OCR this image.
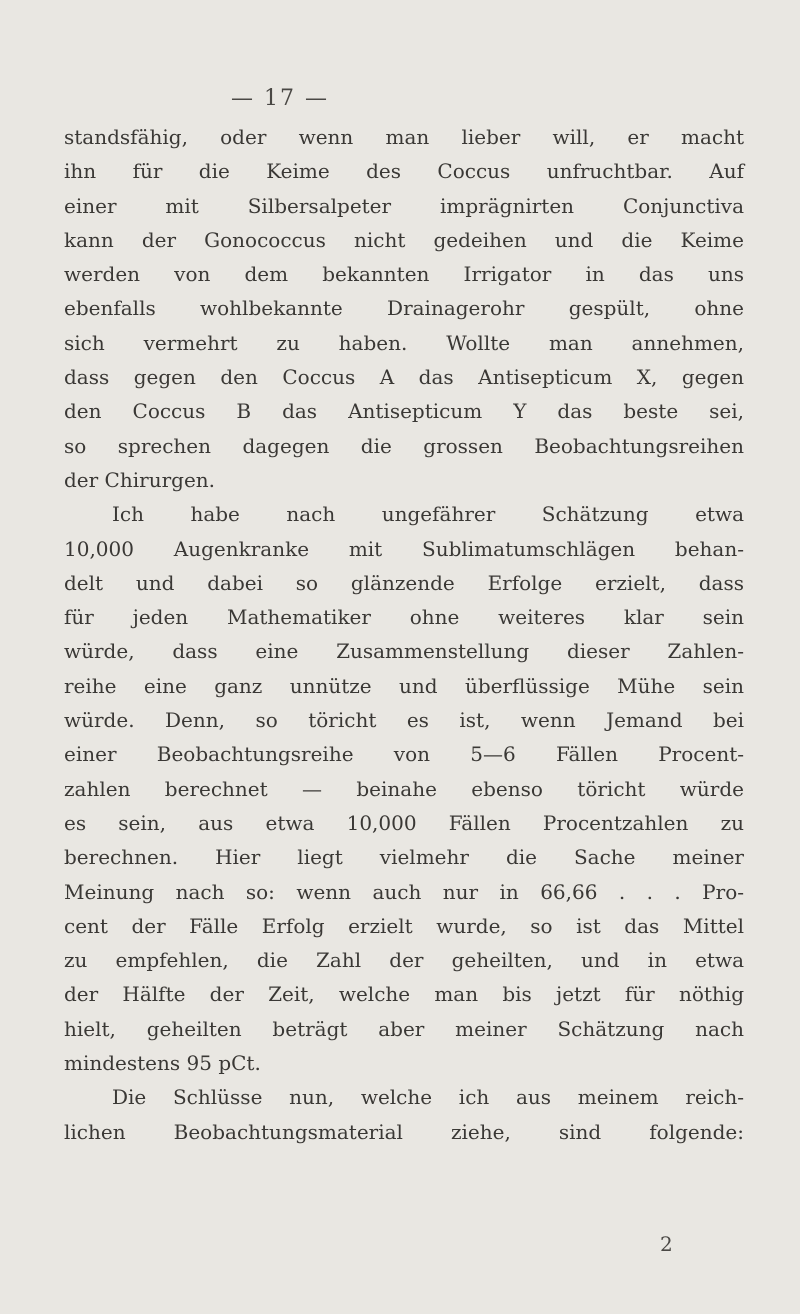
— 17 —
standsfähig, oder wenn man lieber will, er macht
ihn für die Keime des Coccus unfruchtbar. Auf
einer mit Silbersalpeter imprägnirten Conjunctiva
kann der Gonococcus nicht gedeihen und die Keime
werden von dem bekannten Irrigator in das uns
ebenfalls wohlbekannte Drainagerohr gespült, ohne
sich vermehrt zu haben. Wollte man annehmen,
dass gegen den Coccus A das Antisepticum X, gegen
den Coccus B das Antisepticum Y das beste sei,
so sprechen dagegen die grossen Beobachtungsreihen
der Chirurgen.
Ich habe nach ungefährer Schätzung etwa
10,000 Augenkranke mit Sublimatumschlägen behan-
delt und dabei so glänzende Erfolge erzielt, dass
für jeden Mathematiker ohne weiteres klar sein
würde, dass eine Zusammenstellung dieser Zahlen-
reihe eine ganz unnütze und überflüssige Mühe sein
würde. Denn, so töricht es ist, wenn Jemand bei
einer Beobachtungsreihe von 5—6 Fällen Procent-
zahlen berechnet — beinahe ebenso töricht würde
es sein, aus etwa 10,000 Fällen Procentzahlen zu
berechnen. Hier liegt vielmehr die Sache meiner
Meinung nach so: wenn auch nur in 66,66 . . . Pro-
cent der Fälle Erfolg erzielt wurde, so ist das Mittel
zu empfehlen, die Zahl der geheilten, und in etwa
der Hälfte der Zeit, welche man bis jetzt für nöthig
hielt, geheilten beträgt aber meiner Schätzung nach
mindestens 95 pCt.
Die Schlüsse nun, welche ich aus meinem reich-
lichen Beobachtungsmaterial ziehe, sind folgende:
2
